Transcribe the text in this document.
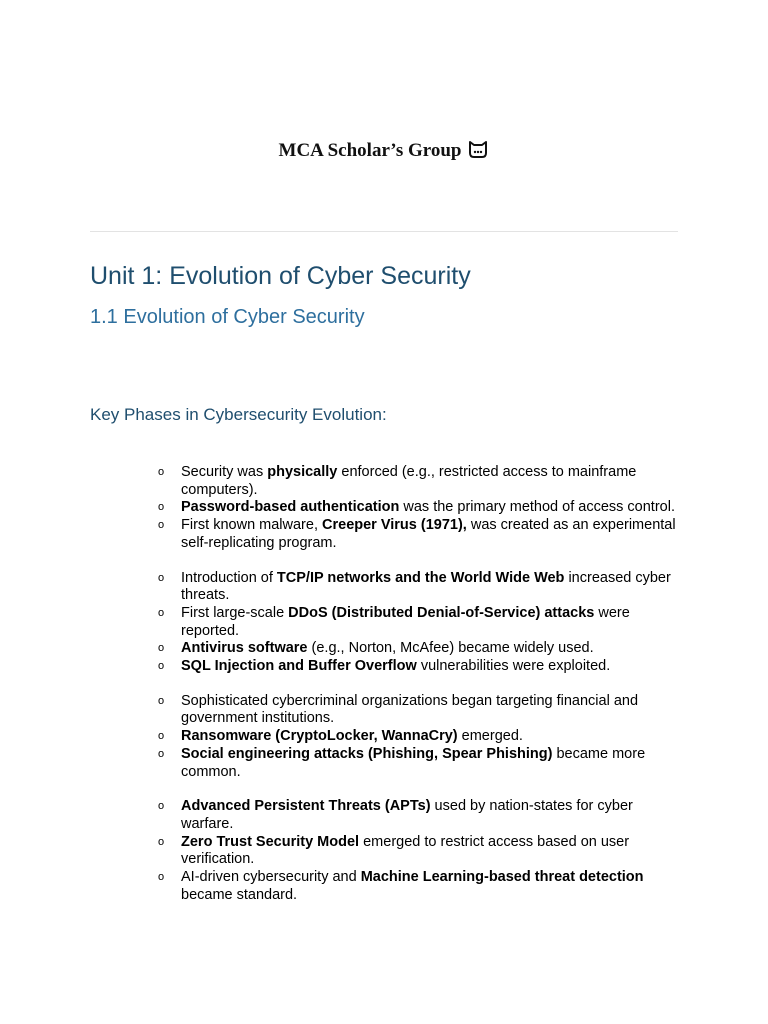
MCA Scholar’s Group
Unit 1: Evolution of Cyber Security
1.1 Evolution of Cyber Security
Key Phases in Cybersecurity Evolution:
o Security was physically enforced (e.g., restricted access to mainframe computers).
o Password-based authentication was the primary method of access control.
o First known malware, Creeper Virus (1971), was created as an experimental self-replicating program.
o Introduction of TCP/IP networks and the World Wide Web increased cyber threats.
o First large-scale DDoS (Distributed Denial-of-Service) attacks were reported.
o Antivirus software (e.g., Norton, McAfee) became widely used.
o SQL Injection and Buffer Overflow vulnerabilities were exploited.
o Sophisticated cybercriminal organizations began targeting financial and government institutions.
o Ransomware (CryptoLocker, WannaCry) emerged.
o Social engineering attacks (Phishing, Spear Phishing) became more common.
o Advanced Persistent Threats (APTs) used by nation-states for cyber warfare.
o Zero Trust Security Model emerged to restrict access based on user verification.
o AI-driven cybersecurity and Machine Learning-based threat detection became standard.
